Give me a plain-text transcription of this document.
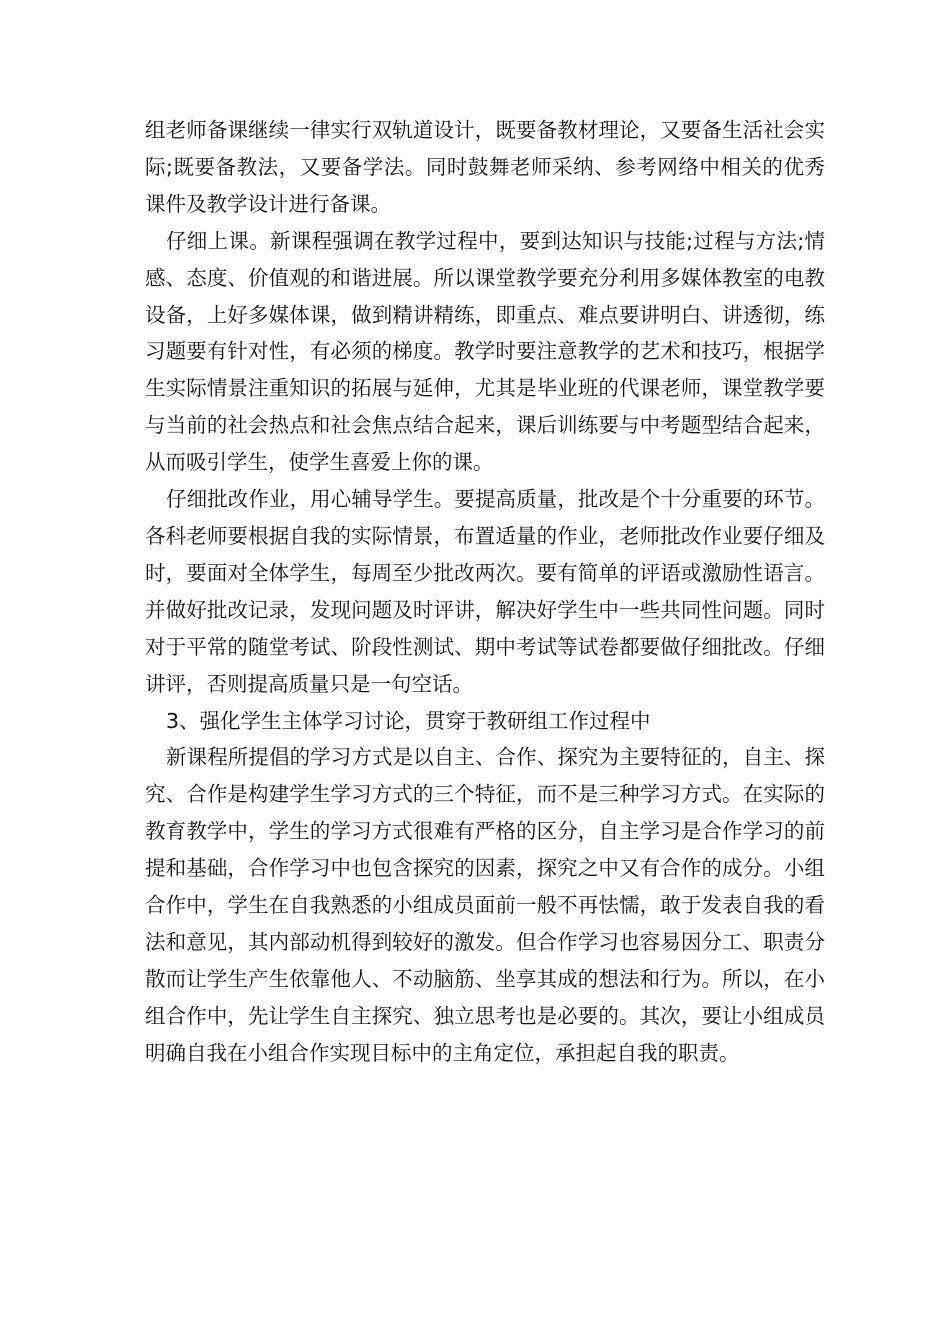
组老师备课继续一律实行双轨道设计，既要备教材理论，又要备生活社会实际;既要备教法，又要备学法。同时鼓舞老师采纳、参考网络中相关的优秀课件及教学设计进行备课。

仔细上课。新课程强调在教学过程中，要到达知识与技能;过程与方法;情感、态度、价值观的和谐进展。所以课堂教学要充分利用多媒体教室的电教设备，上好多媒体课，做到精讲精练，即重点、难点要讲明白、讲透彻，练习题要有针对性，有必须的梯度。教学时要注意教学的艺术和技巧，根据学生实际情景注重知识的拓展与延伸，尤其是毕业班的代课老师，课堂教学要与当前的社会热点和社会焦点结合起来，课后训练要与中考题型结合起来，从而吸引学生，使学生喜爱上你的课。

仔细批改作业，用心辅导学生。要提高质量，批改是个十分重要的环节。各科老师要根据自我的实际情景，布置适量的作业，老师批改作业要仔细及时，要面对全体学生，每周至少批改两次。要有简单的评语或激励性语言。并做好批改记录，发现问题及时评讲，解决好学生中一些共同性问题。同时对于平常的随堂考试、阶段性测试、期中考试等试卷都要做仔细批改。仔细讲评，否则提高质量只是一句空话。

3、强化学生主体学习讨论，贯穿于教研组工作过程中

新课程所提倡的学习方式是以自主、合作、探究为主要特征的，自主、探究、合作是构建学生学习方式的三个特征，而不是三种学习方式。在实际的教育教学中，学生的学习方式很难有严格的区分，自主学习是合作学习的前提和基础，合作学习中也包含探究的因素，探究之中又有合作的成分。小组合作中，学生在自我熟悉的小组成员面前一般不再怯懦，敢于发表自我的看法和意见，其内部动机得到较好的激发。但合作学习也容易因分工、职责分散而让学生产生依靠他人、不动脑筋、坐享其成的想法和行为。所以，在小组合作中，先让学生自主探究、独立思考也是必要的。其次，要让小组成员明确自我在小组合作实现目标中的主角定位，承担起自我的职责。
